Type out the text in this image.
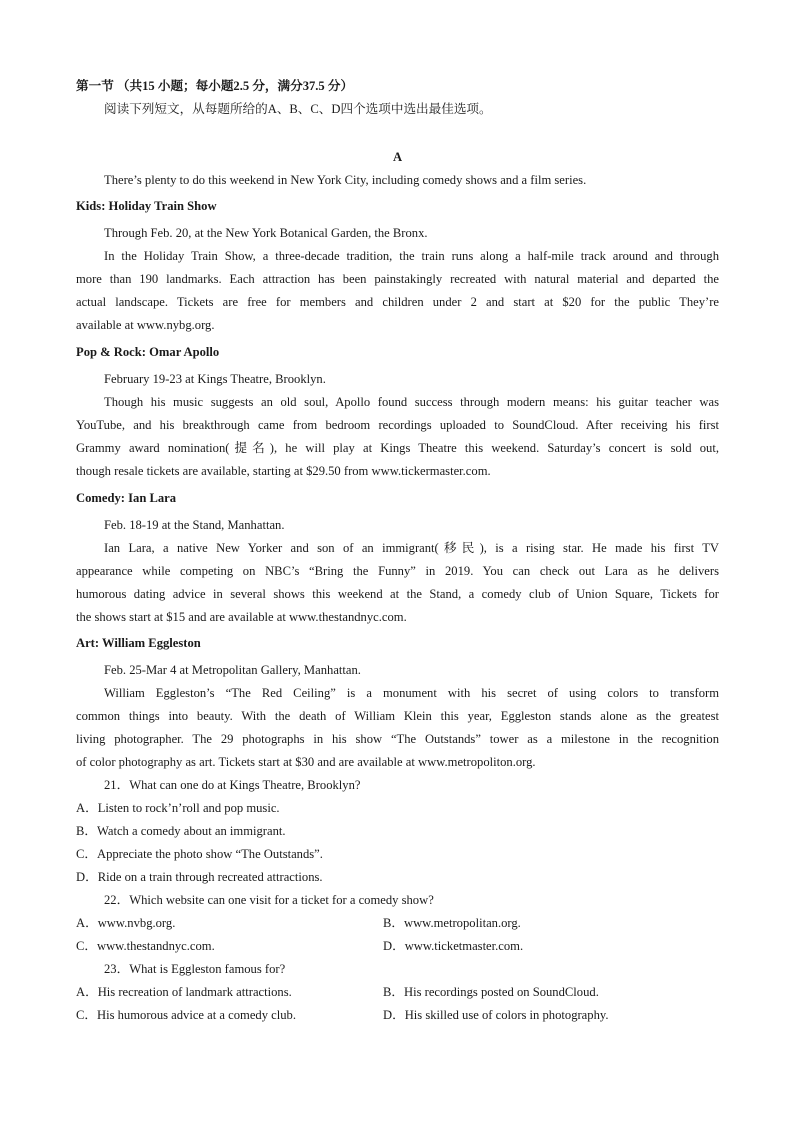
第一节 （共15 小题；每小题2.5 分，满分37.5 分）
阅读下列短文，从每题所给的A、B、C、D四个选项中选出最佳选项。
A
There’s plenty to do this weekend in New York City, including comedy shows and a film series.
Kids: Holiday Train Show
Through Feb. 20, at the New York Botanical Garden, the Bronx.
In the Holiday Train Show, a three-decade tradition, the train runs along a half-mile track around and through
more than 190 landmarks. Each attraction has been painstakingly recreated with natural material and departed the
actual landscape. Tickets are free for members and children under 2 and start at $20 for the public They’re
available at www.nybg.org.
Pop & Rock: Omar Apollo
February 19-23 at Kings Theatre, Brooklyn.
Though his music suggests an old soul, Apollo found success through modern means: his guitar teacher was
YouTube, and his breakthrough came from bedroom recordings uploaded to SoundCloud. After receiving his first
Grammy award nomination(提名), he will play at Kings Theatre this weekend. Saturday’s concert is sold out,
though resale tickets are available, starting at $29.50 from www.tickermaster.com.
Comedy: Ian Lara
Feb. 18-19 at the Stand, Manhattan.
Ian Lara, a native New Yorker and son of an immigrant(移民), is a rising star. He made his first TV
appearance while competing on NBC’s “Bring the Funny” in 2019. You can check out Lara as he delivers
humorous dating advice in several shows this weekend at the Stand, a comedy club of Union Square, Tickets for
the shows start at $15 and are available at www.thestandnyc.com.
Art: William Eggleston
Feb. 25-Mar 4 at Metropolitan Gallery, Manhattan.
William Eggleston’s “The Red Ceiling” is a monument with his secret of using colors to transform
common things into beauty. With the death of William Klein this year, Eggleston stands alone as the greatest
living photographer. The 29 photographs in his show “The Outstands” tower as a milestone in the recognition
of color photography as art. Tickets start at $30 and are available at www.metropoliton.org.
21．What can one do at Kings Theatre, Brooklyn?
A．Listen to rock’n’roll and pop music.
B．Watch a comedy about an immigrant.
C．Appreciate the photo show “The Outstands”.
D．Ride on a train through recreated attractions.
22．Which website can one visit for a ticket for a comedy show?
A．www.nvbg.org.	B．www.metropolitan.org.
C．www.thestandnyc.com.	D．www.ticketmaster.com.
23．What is Eggleston famous for?
A．His recreation of landmark attractions.	B．His recordings posted on SoundCloud.
C．His humorous advice at a comedy club.	D．His skilled use of colors in photography.
